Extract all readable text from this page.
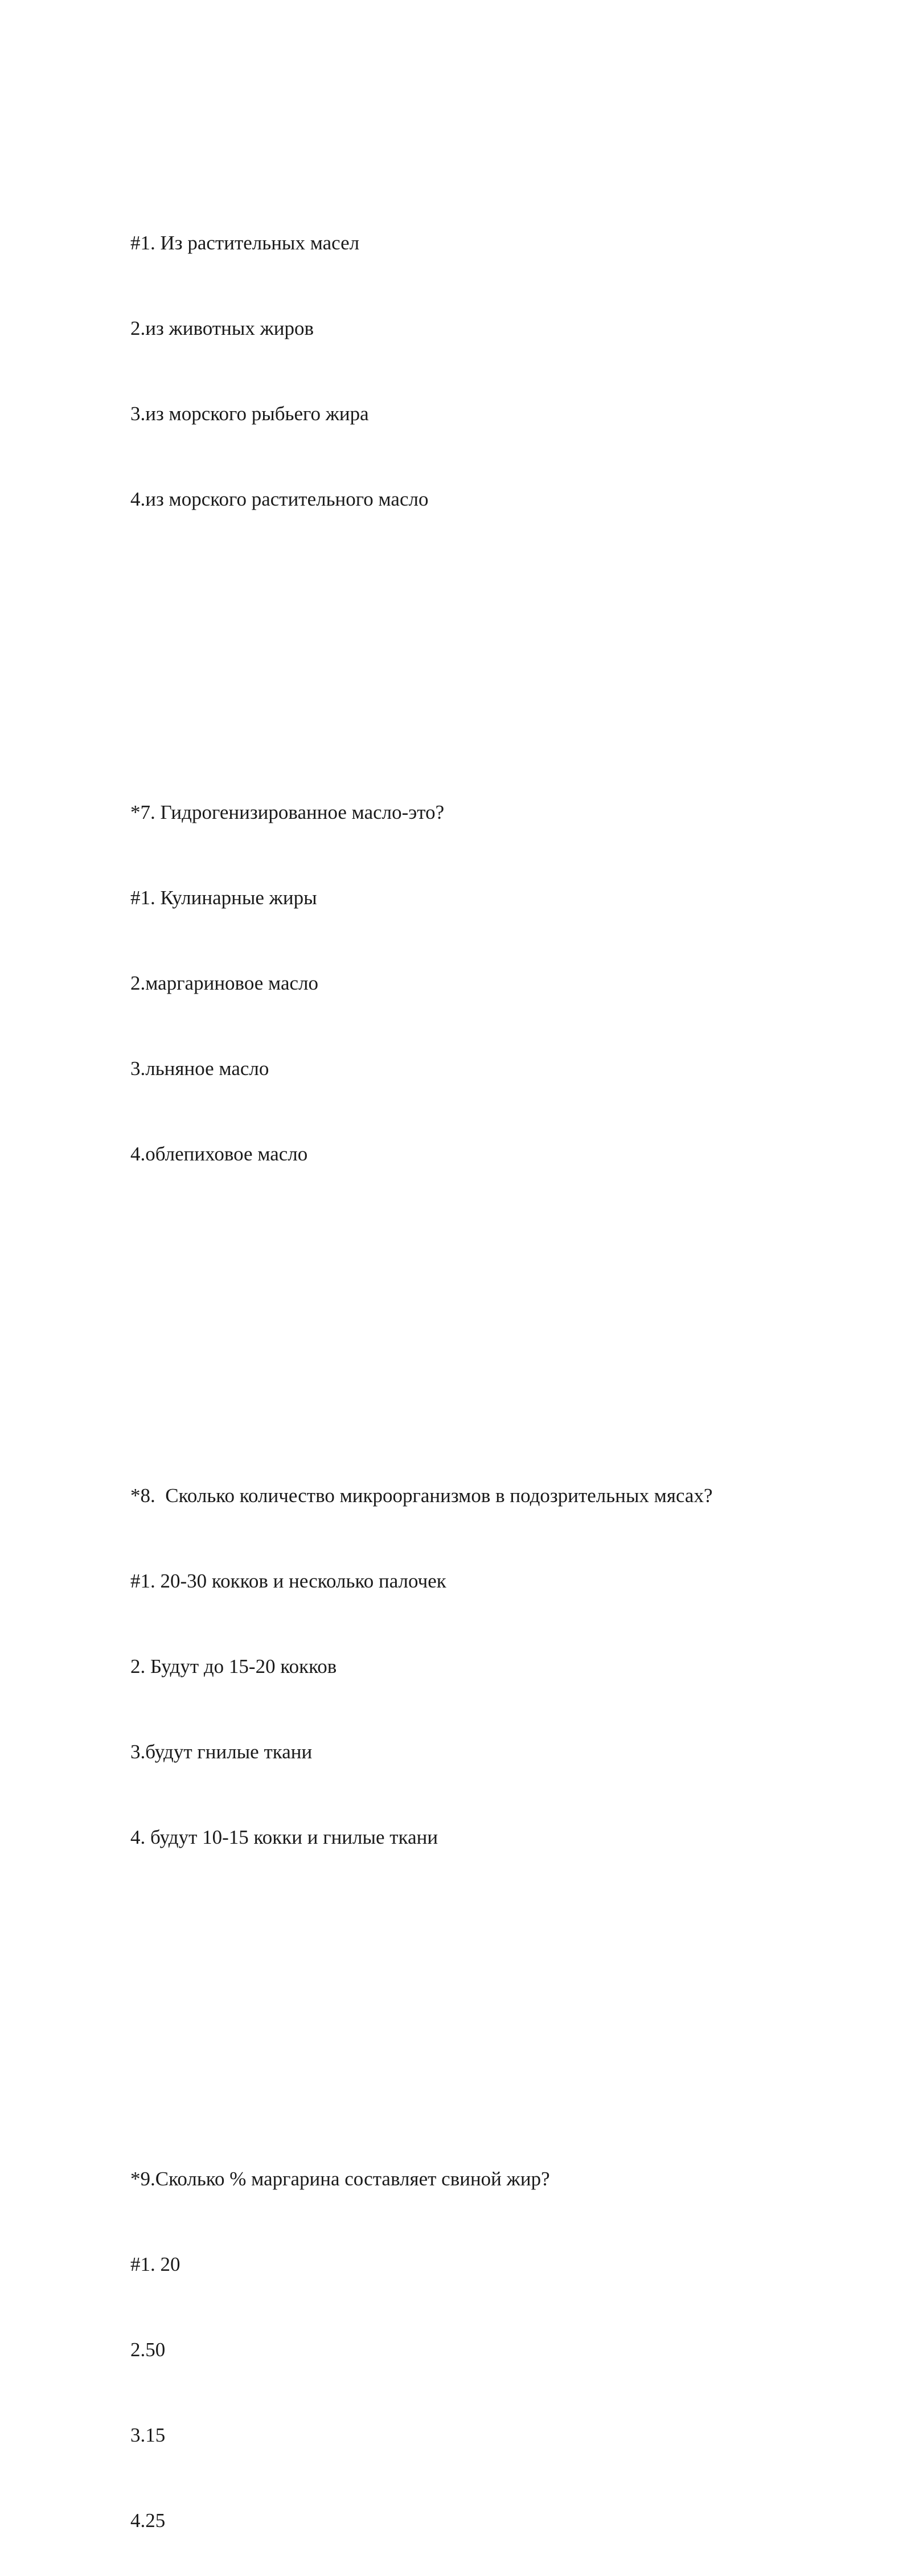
#1. Из растительных масел

2.из животных жиров

3.из морского рыбьего жира

4.из морского растительного масло

*7. Гидрогенизированное масло-это?

#1. Кулинарные жиры

2.маргариновое масло

3.льняное масло

4.облепиховое масло

*8.  Сколько количество микроорганизмов в подозрительных мясах?

#1. 20-30 кокков и несколько палочек

2. Будут до 15-20 кокков

3.будут гнилые ткани

4. будут 10-15 кокки и гнилые ткани

*9.Сколько % маргарина составляет свиной жир?

#1. 20

2.50

3.15

4.25
